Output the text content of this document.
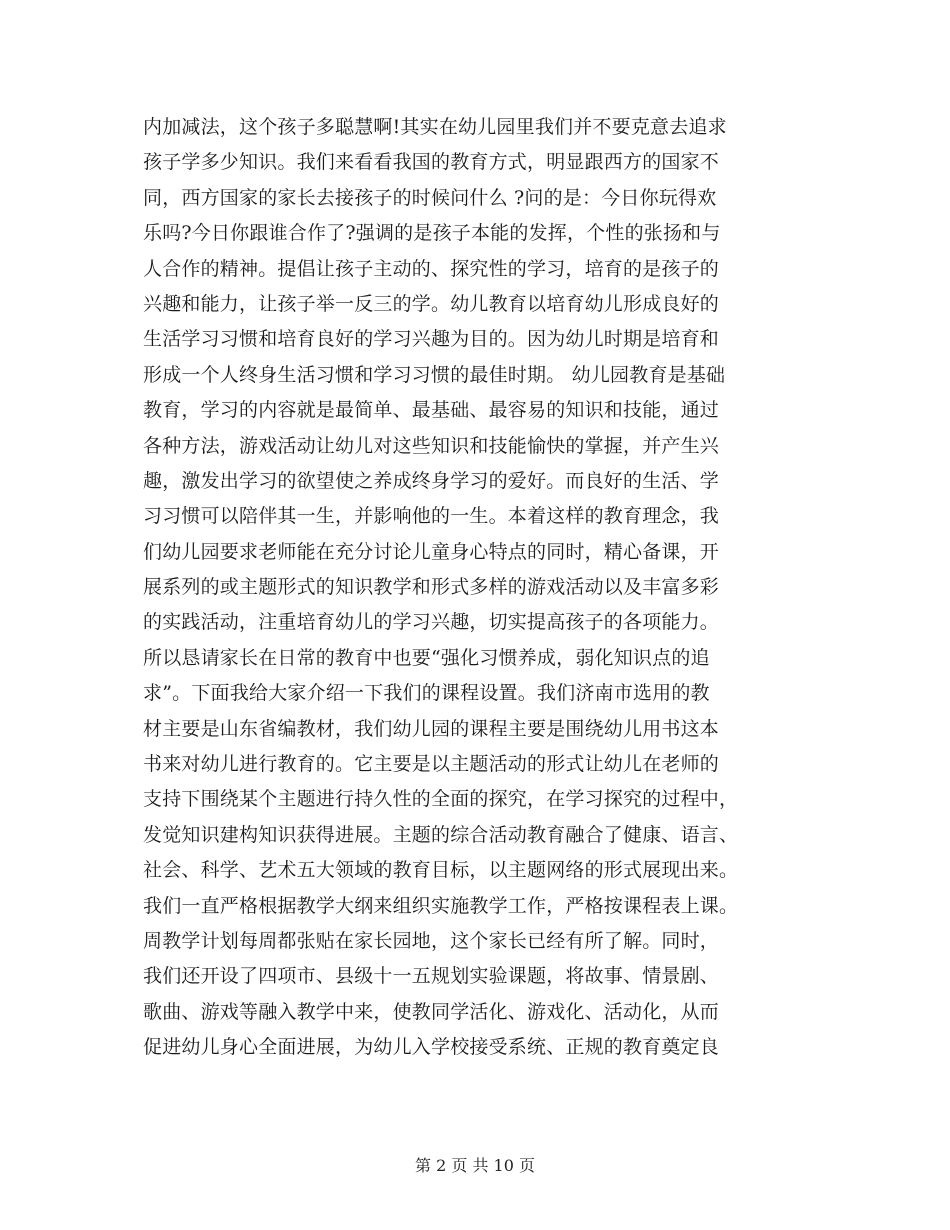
内加减法，这个孩子多聪慧啊!其实在幼儿园里我们并不要克意去追求
孩子学多少知识。我们来看看我国的教育方式，明显跟西方的国家不
同，西方国家的家长去接孩子的时候问什么 ?问的是：今日你玩得欢
乐吗?今日你跟谁合作了?强调的是孩子本能的发挥，个性的张扬和与
人合作的精神。提倡让孩子主动的、探究性的学习，培育的是孩子的
兴趣和能力，让孩子举一反三的学。幼儿教育以培育幼儿形成良好的
生活学习习惯和培育良好的学习兴趣为目的。因为幼儿时期是培育和
形成一个人终身生活习惯和学习习惯的最佳时期。 幼儿园教育是基础
教育，学习的内容就是最简单、最基础、最容易的知识和技能，通过
各种方法，游戏活动让幼儿对这些知识和技能愉快的掌握，并产生兴
趣，激发出学习的欲望使之养成终身学习的爱好。而良好的生活、学
习习惯可以陪伴其一生，并影响他的一生。本着这样的教育理念，我
们幼儿园要求老师能在充分讨论儿童身心特点的同时，精心备课，开
展系列的或主题形式的知识教学和形式多样的游戏活动以及丰富多彩
的实践活动，注重培育幼儿的学习兴趣，切实提高孩子的各项能力。
所以恳请家长在日常的教育中也要“强化习惯养成，弱化知识点的追
求”。下面我给大家介绍一下我们的课程设置。我们济南市选用的教
材主要是山东省编教材，我们幼儿园的课程主要是围绕幼儿用书这本
书来对幼儿进行教育的。它主要是以主题活动的形式让幼儿在老师的
支持下围绕某个主题进行持久性的全面的探究，在学习探究的过程中，
发觉知识建构知识获得进展。主题的综合活动教育融合了健康、语言、
社会、科学、艺术五大领域的教育目标，以主题网络的形式展现出来。
我们一直严格根据教学大纲来组织实施教学工作，严格按课程表上课。
周教学计划每周都张贴在家长园地，这个家长已经有所了解。同时，
我们还开设了四项市、县级十一五规划实验课题，将故事、情景剧、
歌曲、游戏等融入教学中来，使教同学活化、游戏化、活动化，从而
促进幼儿身心全面进展，为幼儿入学校接受系统、正规的教育奠定良
第 2 页 共 10 页
